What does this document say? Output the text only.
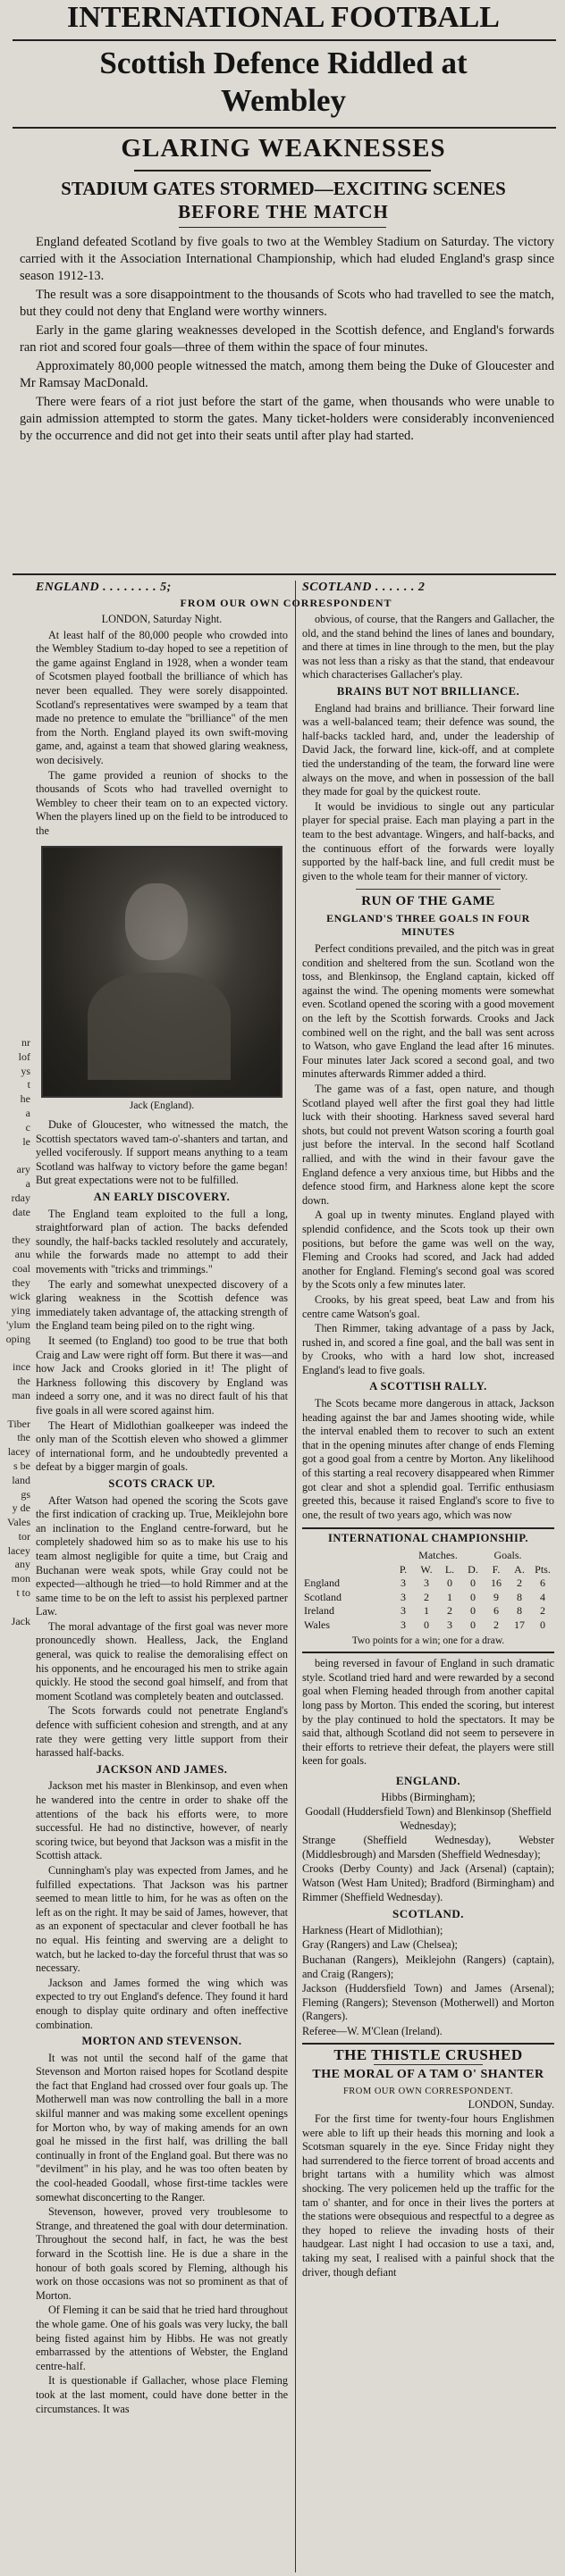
INTERNATIONAL FOOTBALL
Scottish Defence Riddled at
Wembley
GLARING WEAKNESSES
STADIUM GATES STORMED—EXCITING SCENES
BEFORE THE MATCH

England defeated Scotland by five goals to two at the Wembley Stadium on Saturday. The victory carried with it the Association International Championship, which had eluded England's grasp since season 1912-13.

The result was a sore disappointment to the thousands of Scots who had travelled to see the match, but they could not deny that England were worthy winners.

Early in the game glaring weaknesses developed in the Scottish defence, and England's forwards ran riot and scored four goals—three of them within the space of four minutes.

Approximately 80,000 people witnessed the match, among them being the Duke of Gloucester and Mr Ramsay MacDonald.

There were fears of a riot just before the start of the game, when thousands who were unable to gain admission attempted to storm the gates. Many ticket-holders were considerably inconvenienced by the occurrence and did not get into their seats until after play had started.

nr
lof
ys
t
he
a
c
le

ary
a
rday
date

they
anu
coal
they
wick
ying
'ylum
oping

ince
the
man

Tiber
the
lacey
s be
land
gs
y de
Vales
tor
lacey
any
mon
t to

Jack
ENGLAND . . . . . . . . 5;	SCOTLAND . . . . . . 2
FROM OUR OWN CORRESPONDENT
LONDON, Saturday Night.

At least half of the 80,000 people who crowded into the Wembley Stadium to-day hoped to see a repetition of the game against England in 1928, when a wonder team of Scotsmen played football the brilliance of which has never been equalled. They were sorely disappointed. Scotland's representatives were swamped by a team that made no pretence to emulate the "brilliance" of the men from the North. England played its own swift-moving game, and, against a team that showed glaring weakness, won decisively.

The game provided a reunion of shocks to the thousands of Scots who had travelled overnight to Wembley to cheer their team on to an expected victory. When the players lined up on the field to be introduced to the

Jack (England).

Duke of Gloucester, who witnessed the match, the Scottish spectators waved tam-o'-shanters and tartan, and yelled vociferously. If support means anything to a team Scotland was halfway to victory before the game began! But great expectations were not to be fulfilled.

AN EARLY DISCOVERY.

The England team exploited to the full a long, straightforward plan of action. The backs defended soundly, the half-backs tackled resolutely and accurately, while the forwards made no attempt to add their movements with "tricks and trimmings."

The early and somewhat unexpected discovery of a glaring weakness in the Scottish defence was immediately taken advantage of, the attacking strength of the England team being piled on to the right wing.

It seemed (to England) too good to be true that both Craig and Law were right off form. But there it was—and how Jack and Crooks gloried in it! The plight of Harkness following this discovery by England was indeed a sorry one, and it was no direct fault of his that five goals in all were scored against him.

The Heart of Midlothian goalkeeper was indeed the only man of the Scottish eleven who showed a glimmer of international form, and he undoubtedly prevented a defeat by a bigger margin of goals.

SCOTS CRACK UP.

After Watson had opened the scoring the Scots gave the first indication of cracking up. True, Meiklejohn bore an inclination to the England centre-forward, but he completely shadowed him so as to make his use to his team almost negligible for quite a time, but Craig and Buchanan were weak spots, while Gray could not be expected—although he tried—to hold Rimmer and at the same time to be on the left to assist his perplexed partner Law.

The moral advantage of the first goal was never more pronouncedly shown. Healless, Jack, the England general, was quick to realise the demoralising effect on his opponents, and he encouraged his men to strike again quickly. He stood the second goal himself, and from that moment Scotland was completely beaten and outclassed.

The Scots forwards could not penetrate England's defence with sufficient cohesion and strength, and at any rate they were getting very little support from their harassed half-backs.

JACKSON AND JAMES.

Jackson met his master in Blenkinsop, and even when he wandered into the centre in order to shake off the attentions of the back his efforts were, to more successful. He had no distinctive, however, of nearly scoring twice, but beyond that Jackson was a misfit in the Scottish attack.

Cunningham's play was expected from James, and he fulfilled expectations. That Jackson was his partner seemed to mean little to him, for he was as often on the left as on the right. It may be said of James, however, that as an exponent of spectacular and clever football he has no equal. His feinting and swerving are a delight to watch, but he lacked to-day the forceful thrust that was so necessary.

Jackson and James formed the wing which was expected to try out England's defence. They found it hard enough to display quite ordinary and often ineffective combination.

MORTON AND STEVENSON.

It was not until the second half of the game that Stevenson and Morton raised hopes for Scotland despite the fact that England had crossed over four goals up. The Motherwell man was now controlling the ball in a more skilful manner and was making some excellent openings for Morton who, by way of making amends for an own goal he missed in the first half, was drilling the ball continually in front of the England goal. But there was no "devilment" in his play, and he was too often beaten by the cool-headed Goodall, whose first-time tackles were somewhat disconcerting to the Ranger.

Stevenson, however, proved very troublesome to Strange, and threatened the goal with dour determination. Throughout the second half, in fact, he was the best forward in the Scottish line. He is due a share in the honour of both goals scored by Fleming, although his work on those occasions was not so prominent as that of Morton.

Of Fleming it can be said that he tried hard throughout the whole game. One of his goals was very lucky, the ball being fisted against him by Hibbs. He was not greatly embarrassed by the attentions of Webster, the England centre-half.

It is questionable if Gallacher, whose place Fleming took at the last moment, could have done better in the circumstances. It was

obvious, of course, that the Rangers and Gallacher, the old, and the stand behind the lines of lanes and boundary, and there at times in line through to the men, but the play was not less than a risky as that the stand, that endeavour which characterises Gallacher's play.

BRAINS BUT NOT BRILLIANCE.

England had brains and brilliance. Their forward line was a well-balanced team; their defence was sound, the half-backs tackled hard, and, under the leadership of David Jack, the forward line, kick-off, and at complete tied the understanding of the team, the forward line were always on the move, and when in possession of the ball they made for goal by the quickest route.

It would be invidious to single out any particular player for special praise. Each man playing a part in the team to the best advantage. Wingers, and half-backs, and the continuous effort of the forwards were loyally supported by the half-back line, and full credit must be given to the whole team for their manner of victory.

RUN OF THE GAME
ENGLAND'S THREE GOALS IN FOUR MINUTES

Perfect conditions prevailed, and the pitch was in great condition and sheltered from the sun. Scotland won the toss, and Blenkinsop, the England captain, kicked off against the wind. The opening moments were somewhat even. Scotland opened the scoring with a good movement on the left by the Scottish forwards. Crooks and Jack combined well on the right, and the ball was sent across to Watson, who gave England the lead after 16 minutes. Four minutes later Jack scored a second goal, and two minutes afterwards Rimmer added a third.

The game was of a fast, open nature, and though Scotland played well after the first goal they had little luck with their shooting. Harkness saved several hard shots, but could not prevent Watson scoring a fourth goal just before the interval. In the second half Scotland rallied, and with the wind in their favour gave the England defence a very anxious time, but Hibbs and the defence stood firm, and Harkness alone kept the score down.

A goal up in twenty minutes. England played with splendid confidence, and the Scots took up their own positions, but before the game was well on the way, Fleming and Crooks had scored, and Jack had added another for England. Fleming's second goal was scored by the Scots only a few minutes later.

Crooks, by his great speed, beat Law and from his centre came Watson's goal.

Then Rimmer, taking advantage of a pass by Jack, rushed in, and scored a fine goal, and the ball was sent in by Crooks, who with a hard low shot, increased England's lead to five goals.

A SCOTTISH RALLY.

The Scots became more dangerous in attack, Jackson heading against the bar and James shooting wide, while the interval enabled them to recover to such an extent that in the opening minutes after change of ends Fleming got a good goal from a centre by Morton. Any likelihood of this starting a real recovery disappeared when Rimmer got clear and shot a splendid goal. Terrific enthusiasm greeted this, because it raised England's score to five to one, the result of two years ago, which was now

INTERNATIONAL CHAMPIONSHIP.
	Matches.				Goals.		
	P.	W.	L.	D.	F.	A.	Pts.
England	3	3	0	0	16	2	6
Scotland	3	2	1	0	9	8	4
Ireland	3	1	2	0	6	8	2
Wales	3	0	3	0	2	17	0
Two points for a win; one for a draw.

being reversed in favour of England in such dramatic style. Scotland tried hard and were rewarded by a second goal when Fleming headed through from another capital long pass by Morton. This ended the scoring, but interest by the play continued to hold the spectators. It may be said that, although Scotland did not seem to persevere in their efforts to retrieve their defeat, the players were still keen for goals.

ENGLAND.
Hibbs (Birmingham);
Goodall (Huddersfield Town) and Blenkinsop (Sheffield Wednesday);
Strange (Sheffield Wednesday), Webster (Middlesbrough) and Marsden (Sheffield Wednesday);
Crooks (Derby County) and Jack (Arsenal) (captain); Watson (West Ham United); Bradford (Birmingham) and Rimmer (Sheffield Wednesday).
SCOTLAND.
Harkness (Heart of Midlothian);
Gray (Rangers) and Law (Chelsea);
Buchanan (Rangers), Meiklejohn (Rangers) (captain), and Craig (Rangers);
Jackson (Huddersfield Town) and James (Arsenal); Fleming (Rangers); Stevenson (Motherwell) and Morton (Rangers).
Referee—W. M'Clean (Ireland).
THE THISTLE CRUSHED
THE MORAL OF A TAM O' SHANTER
FROM OUR OWN CORRESPONDENT.
LONDON, Sunday.

For the first time for twenty-four hours Englishmen were able to lift up their heads this morning and look a Scotsman squarely in the eye. Since Friday night they had surrendered to the fierce torrent of broad accents and bright tartans with a humility which was almost shocking. The very policemen held up the traffic for the tam o' shanter, and for once in their lives the porters at the stations were obsequious and respectful to a degree as they hoped to relieve the invading hosts of their haudgear. Last night I had occasion to use a taxi, and, taking my seat, I realised with a painful shock that the driver, though defiant
